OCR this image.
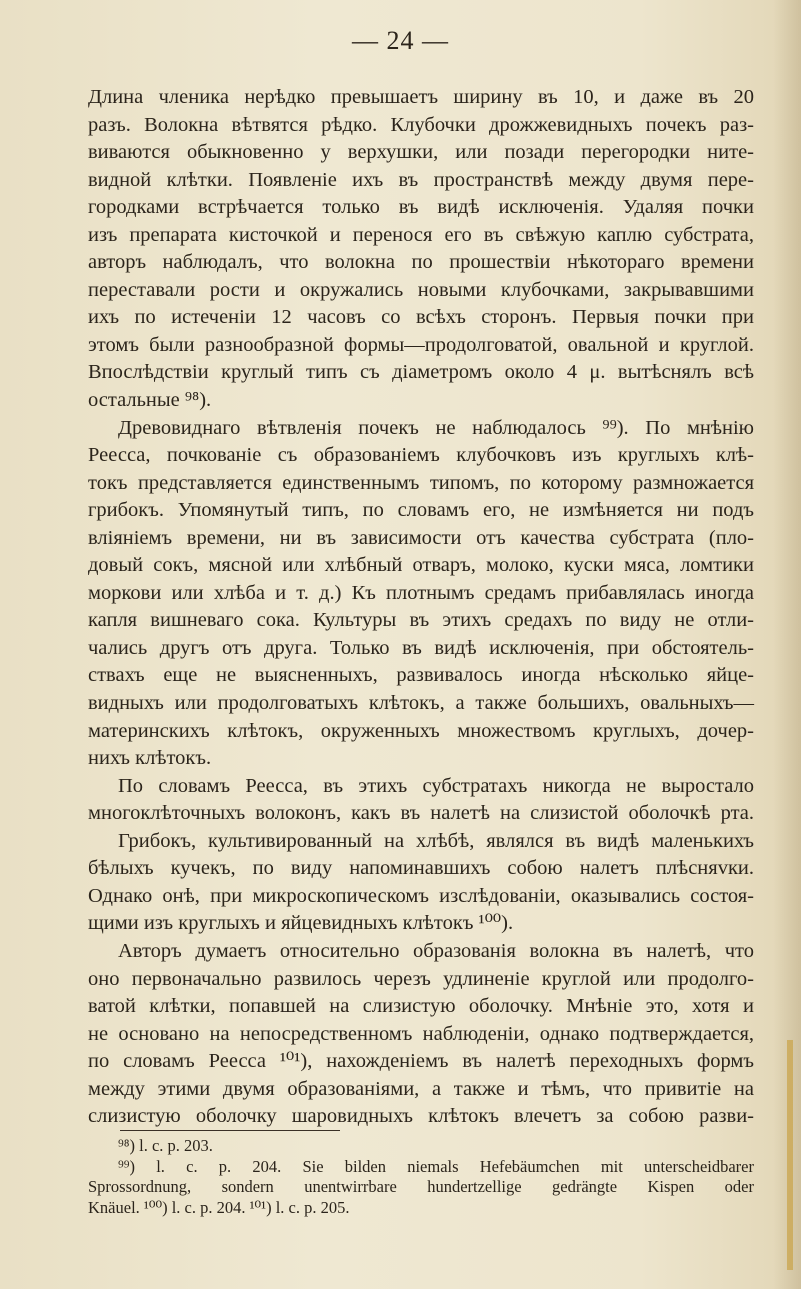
— 24 —
Длина членика нерѣдко превышаетъ ширину въ 10, и даже въ 20
разъ. Волокна вѣтвятся рѣдко. Клубочки дрожжевидныхъ почекъ раз-
виваются обыкновенно у верхушки, или позади перегородки ните-
видной клѣтки. Появленіе ихъ въ пространствѣ между двумя пере-
городками встрѣчается только въ видѣ исключенія. Удаляя почки
изъ препарата кисточкой и перенося его въ свѣжую каплю субстрата,
авторъ наблюдалъ, что волокна по прошествіи нѣкотораго времени
переставали рости и окружались новыми клубочками, закрывавшими
ихъ по истеченіи 12 часовъ со всѣхъ сторонъ. Первыя почки при
этомъ были разнообразной формы—продолговатой, овальной и круглой.
Впослѣдствіи круглый типъ съ діаметромъ около 4 μ. вытѣснялъ всѣ
остальные ⁹⁸).
Древовиднаго вѣтвленія почекъ не наблюдалось ⁹⁹). По мнѣнію
Реесса, почкованіе съ образованіемъ клубочковъ изъ круглыхъ клѣ-
токъ представляется единственнымъ типомъ, по которому размножается
грибокъ. Упомянутый типъ, по словамъ его, не измѣняется ни подъ
вліяніемъ времени, ни въ зависимости отъ качества субстрата (пло-
довый сокъ, мясной или хлѣбный отваръ, молоко, куски мяса, ломтики
моркови или хлѣба и т. д.) Къ плотнымъ средамъ прибавлялась иногда
капля вишневаго сока. Культуры въ этихъ средахъ по виду не отли-
чались другъ отъ друга. Только въ видѣ исключенія, при обстоятель-
ствахъ еще не выясненныхъ, развивалось иногда нѣсколько яйце-
видныхъ или продолговатыхъ клѣтокъ, а также большихъ, овальныхъ—
материнскихъ клѣтокъ, окруженныхъ множествомъ круглыхъ, дочер-
нихъ клѣтокъ.
По словамъ Реесса, въ этихъ субстратахъ никогда не выростало
многоклѣточныхъ волоконъ, какъ въ налетѣ на слизистой оболочкѣ рта.
Грибокъ, культивированный на хлѣбѣ, являлся въ видѣ маленькихъ
бѣлыхъ кучекъ, по виду напоминавшихъ собою налетъ плѣсняvки.
Однако онѣ, при микроскопическомъ изслѣдованіи, оказывались состоя-
щими изъ круглыхъ и яйцевидныхъ клѣтокъ ¹⁰⁰).
Авторъ думаетъ относительно образованія волокна въ налетѣ, что
оно первоначально развилось черезъ удлиненіе круглой или продолго-
ватой клѣтки, попавшей на слизистую оболочку. Мнѣніе это, хотя и
не основано на непосредственномъ наблюденіи, однако подтверждается,
по словамъ Реесса ¹⁰¹), нахожденіемъ въ налетѣ переходныхъ формъ
между этими двумя образованіями, а также и тѣмъ, что привитіе на
слизистую оболочку шаровидныхъ клѣтокъ влечетъ за собою разви-
⁹⁸) l. c. p. 203.
⁹⁹) l. c. p. 204. Sie bilden niemals Hefebäumchen mit unterscheidbarer
Sprossordnung, sondern unentwirrbare hundertzellige gedrängte Kispen oder
Knäuel. ¹⁰⁰) l. c. p. 204. ¹⁰¹) l. c. p. 205.
